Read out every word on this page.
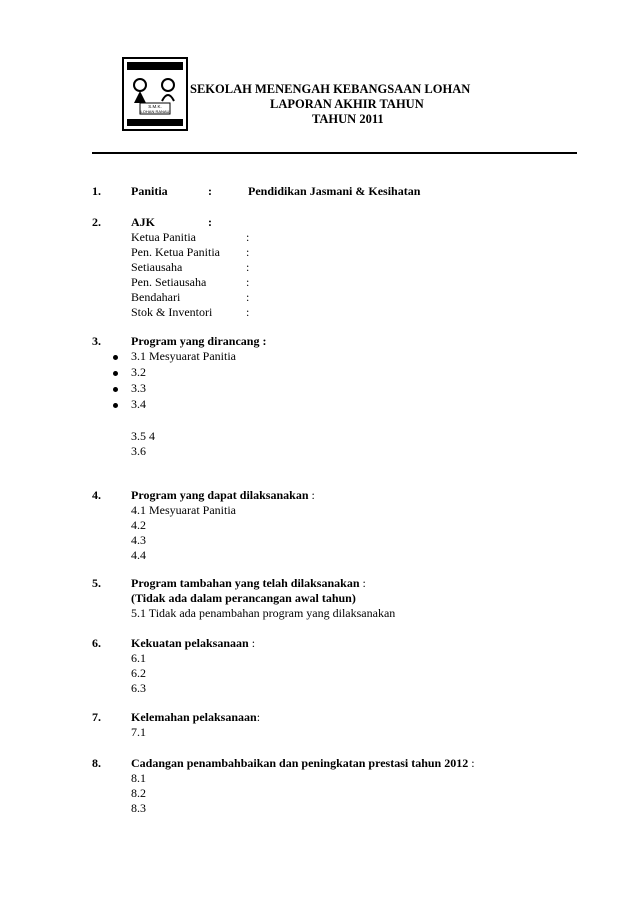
S.M.K.
LOHAN RANAU
SEKOLAH MENENGAH KEBANGSAAN LOHAN
LAPORAN AKHIR TAHUN
TAHUN 2011
1.	Panitia	:	Pendidikan Jasmani & Kesihatan
2.	AJK	:
Ketua Panitia	:
Pen. Ketua Panitia :
Setiausaha	:
Pen. Setiausaha	:
Bendahari	:
Stok & Inventori	:
3.	Program yang dirancang :
3.1 Mesyuarat Panitia
3.2
3.3
3.4
3.5 4
3.6
4.	Program yang dapat dilaksanakan :
4.1 Mesyuarat Panitia
4.2
4.3
4.4
5.	Program tambahan yang telah dilaksanakan :
(Tidak ada dalam perancangan awal tahun)
5.1 Tidak ada penambahan program yang dilaksanakan
6.	Kekuatan pelaksanaan :
6.1
6.2
6.3
7.	Kelemahan pelaksanaan:
7.1
8.	Cadangan penambahbaikan dan peningkatan prestasi tahun 2012 :
8.1
8.2
8.3
